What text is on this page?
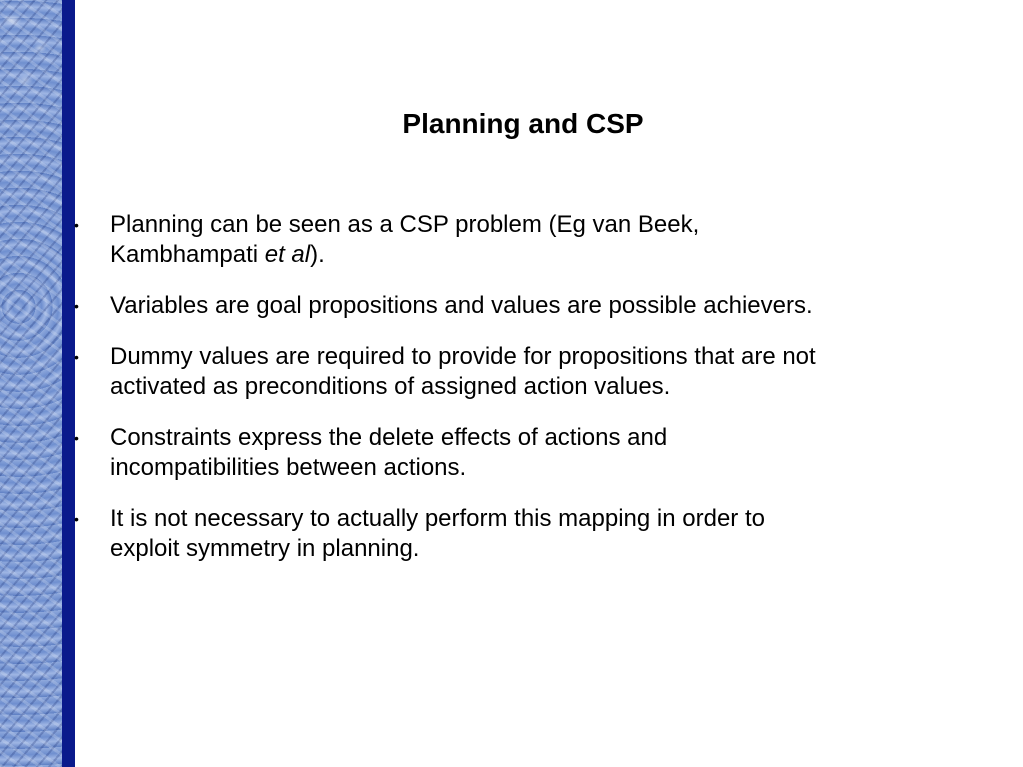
Planning and CSP
• Planning can be seen as a CSP problem (Eg van Beek,
Kambhampati et al).
• Variables are goal propositions and values are possible achievers.
• Dummy values are required to provide for propositions that are not
activated as preconditions of assigned action values.
• Constraints express the delete effects of actions and
incompatibilities between actions.
• It is not necessary to actually perform this mapping in order to
exploit symmetry in planning.
